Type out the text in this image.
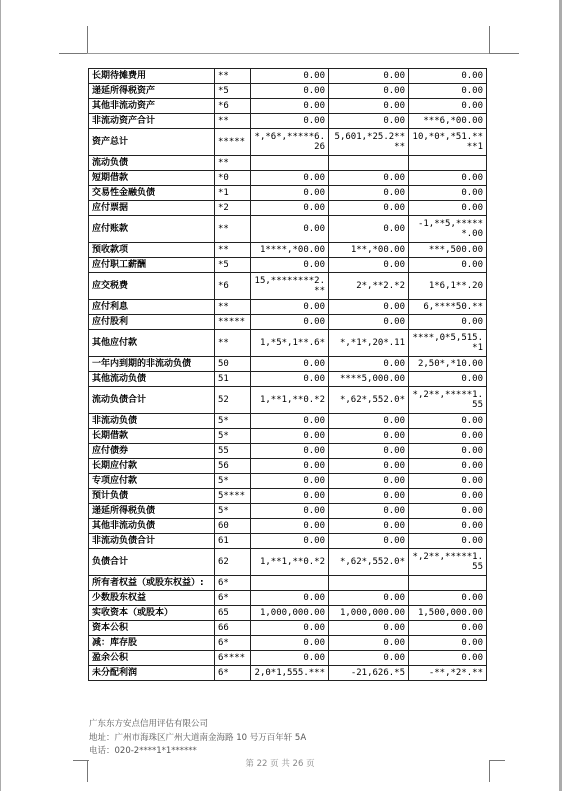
长期待摊费用	**	0.00	0.00	0.00
递延所得税资产	*5	0.00	0.00	0.00
其他非流动资产	*6	0.00	0.00	0.00
非流动资产合计	**	0.00	0.00	***6,*00.00
资产总计	*****	*,*6*,*****6.26	5,601,*25.2****	10,*0*,*51.****1
流动负债	**			
短期借款	*0	0.00	0.00	0.00
交易性金融负债	*1	0.00	0.00	0.00
应付票据	*2	0.00	0.00	0.00
应付账款	**	0.00	0.00	-1,**5,******.00
预收款项	**	1****,*00.00	1**,*00.00	***,500.00
应付职工薪酬	*5	0.00	0.00	0.00
应交税费	*6	15,********2.**	2*,**2.*2	1*6,1**.20
应付利息	**	0.00	0.00	6,****50.**
应付股利	*****	0.00	0.00	0.00
其他应付款	**	1,*5*,1**.6*	*,*1*,20*.11	****,0*5,515.*1
一年内到期的非流动负债	50	0.00	0.00	2,50*,*10.00
其他流动负债	51	0.00	****5,000.00	0.00
流动负债合计	52	1,**1,**0.*2	*,62*,552.0*	*,2**,*****1.55
非流动负债	5*	0.00	0.00	0.00
长期借款	5*	0.00	0.00	0.00
应付债券	55	0.00	0.00	0.00
长期应付款	56	0.00	0.00	0.00
专项应付款	5*	0.00	0.00	0.00
预计负债	5****	0.00	0.00	0.00
递延所得税负债	5*	0.00	0.00	0.00
其他非流动负债	60	0.00	0.00	0.00
非流动负债合计	61	0.00	0.00	0.00
负债合计	62	1,**1,**0.*2	*,62*,552.0*	*,2**,*****1.55
所有者权益（或股东权益）:	6*			
少数股东权益	6*	0.00	0.00	0.00
实收资本（或股本）	65	1,000,000.00	1,000,000.00	1,500,000.00
资本公积	66	0.00	0.00	0.00
减：库存股	6*	0.00	0.00	0.00
盈余公积	6****	0.00	0.00	0.00
未分配利润	6*	2,0*1,555.***	-21,626.*5	-**,*2*.**
广东东方安点信用评估有限公司
地址：广州市海珠区广州大道南金海路 10 号万百年轩 5A
电话：020-2****1*1******
第 22 页 共 26 页
